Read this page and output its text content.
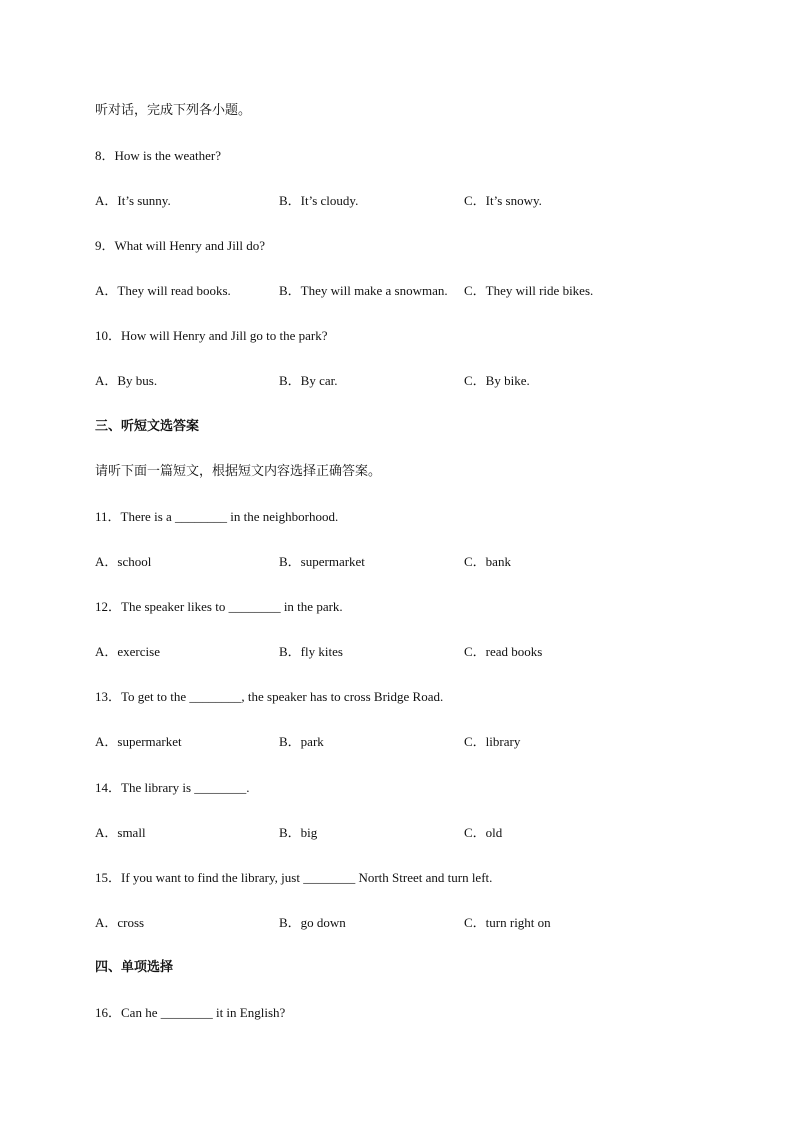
听对话，完成下列各小题。
8．How is the weather?
A．It’s sunny.	B．It’s cloudy.	C．It’s snowy.
9．What will Henry and Jill do?
A．They will read books.	B．They will make a snowman. C．They will ride bikes.
10．How will Henry and Jill go to the park?
A．By bus.	B．By car.	C．By bike.
三、听短文选答案
请听下面一篇短文，根据短文内容选择正确答案。
11．There is a ________ in the neighborhood.
A．school	B．supermarket	C．bank
12．The speaker likes to ________ in the park.
A．exercise	B．fly kites	C．read books
13．To get to the ________, the speaker has to cross Bridge Road.
A．supermarket	B．park	C．library
14．The library is ________.
A．small	B．big	C．old
15．If you want to find the library, just ________ North Street and turn left.
A．cross	B．go down	C．turn right on
四、单项选择
16．Can he ________ it in English?
